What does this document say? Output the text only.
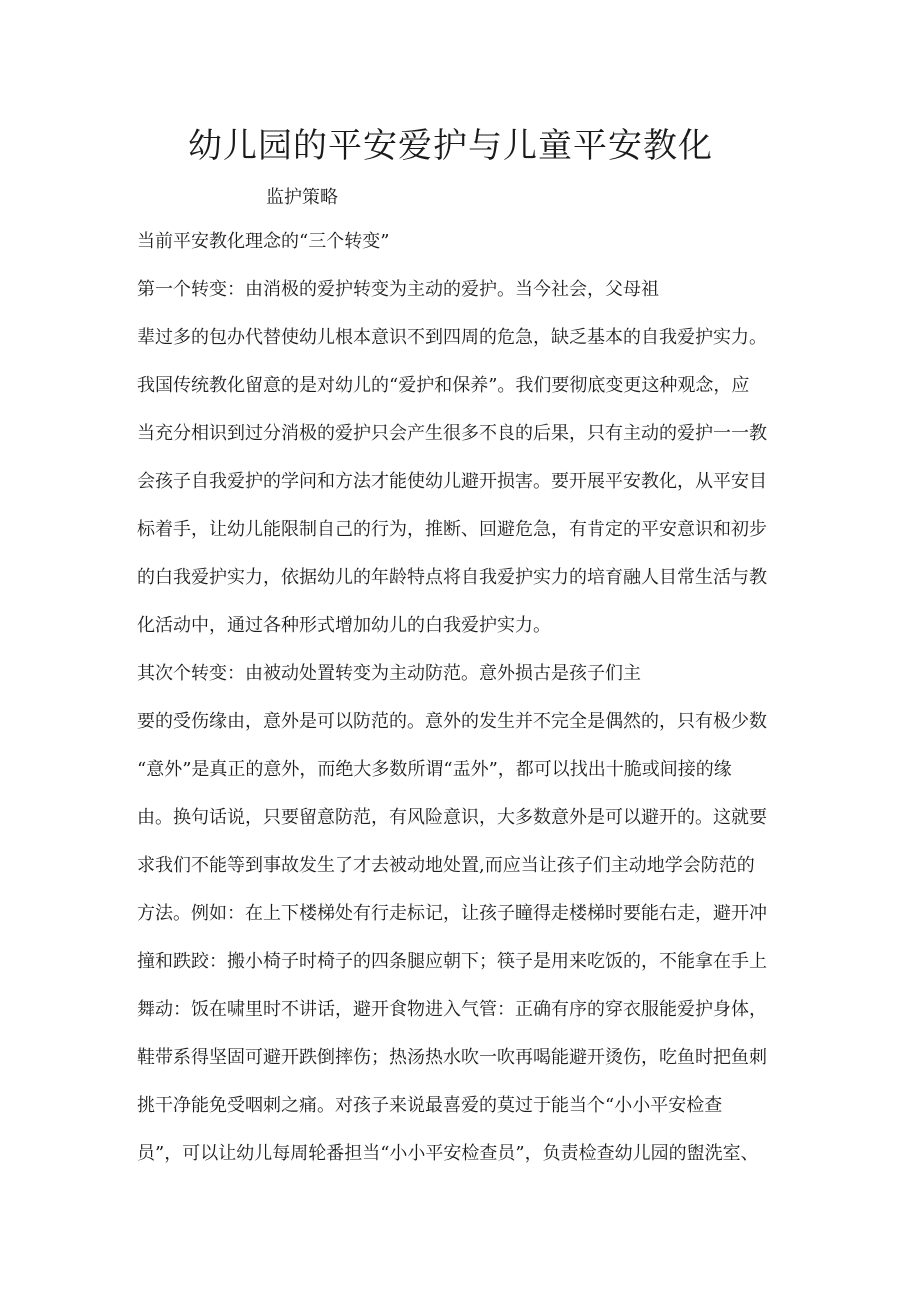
幼儿园的平安爱护与儿童平安教化
监护策略

当前平安教化理念的“三个转变”

第一个转变：由消极的爱护转变为主动的爱护。当今社会，父母祖

辈过多的包办代替使幼儿根本意识不到四周的危急，缺乏基本的自我爱护实力。

我国传统教化留意的是对幼儿的“爱护和保养”。我们要彻底变更这种观念，应

当充分相识到过分消极的爱护只会产生很多不良的后果，只有主动的爱护一一教

会孩子自我爱护的学问和方法才能使幼儿避开损害。要开展平安教化，从平安目

标着手，让幼儿能限制自己的行为，推断、回避危急，有肯定的平安意识和初步

的白我爱护实力，依据幼儿的年龄特点将自我爱护实力的培育融人目常生活与教

化活动中，通过各种形式增加幼儿的白我爱护实力。

其次个转变：由被动处置转变为主动防范。意外损古是孩子们主

要的受伤缘由，意外是可以防范的。意外的发生并不完全是偶然的，只有极少数

“意外”是真正的意外，而绝大多数所谓“盂外”，都可以找出十脆或间接的缘

由。换句话说，只要留意防范，有风险意识，大多数意外是可以避开的。这就要

求我们不能等到事故发生了才去被动地处置,而应当让孩子们主动地学会防范的

方法。例如：在上下楼梯处有行走标记，让孩子瞳得走楼梯时要能右走，避开冲

撞和跌跤：搬小椅子时椅子的四条腿应朝下；筷子是用来吃饭的，不能拿在手上

舞动：饭在啸里时不讲话，避开食物进入气管：正确有序的穿衣服能爱护身体，

鞋带系得坚固可避开跌倒摔伤；热汤热水吹一吹再喝能避开烫伤，吃鱼时把鱼刺

挑干净能免受咽刺之痛。对孩子来说最喜爱的莫过于能当个“小小平安检查

员”，可以让幼儿每周轮番担当“小小平安检查员”，负责检查幼儿园的盥洗室、
